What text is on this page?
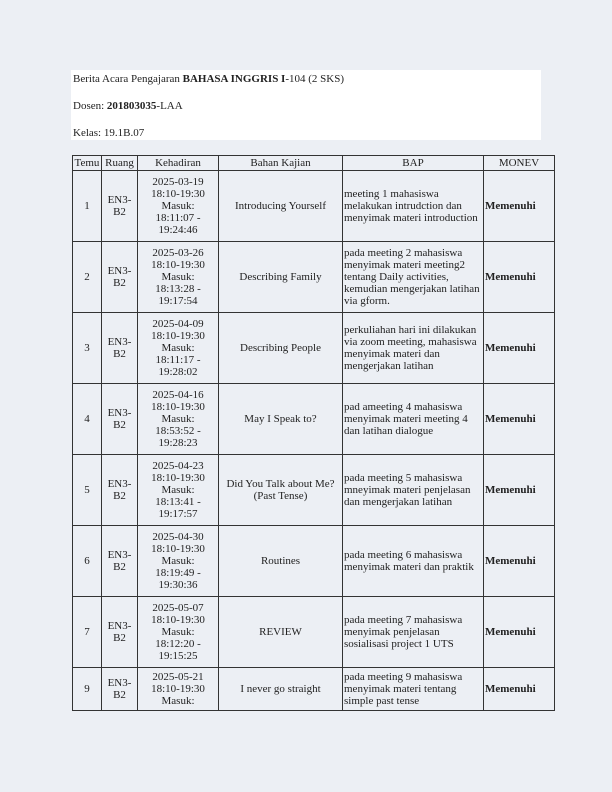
Berita Acara Pengajaran BAHASA INGGRIS I-104 (2 SKS)
Dosen: 201803035-LAA
Kelas: 19.1B.07
Temu	Ruang	Kehadiran	Bahan Kajian	BAP	MONEV
1	EN3-B2	2025-03-19
18:10-19:30
Masuk:
18:11:07 - 19:24:46	Introducing Yourself	meeting 1 mahasiswa melakukan intrudction dan menyimak materi introduction	Memenuhi
2	EN3-B2	2025-03-26
18:10-19:30
Masuk:
18:13:28 - 19:17:54	Describing Family	pada meeting 2 mahasiswa menyimak materi meeting2 tentang Daily activities, kemudian mengerjakan latihan via gform.	Memenuhi
3	EN3-B2	2025-04-09
18:10-19:30
Masuk:
18:11:17 - 19:28:02	Describing People	perkuliahan hari ini dilakukan via zoom meeting, mahasiswa menyimak materi dan mengerjakan latihan	Memenuhi
4	EN3-B2	2025-04-16
18:10-19:30
Masuk:
18:53:52 - 19:28:23	May I Speak to?	pad ameeting 4 mahasiswa menyimak materi meeting 4 dan latihan dialogue	Memenuhi
5	EN3-B2	2025-04-23
18:10-19:30
Masuk:
18:13:41 - 19:17:57	Did You Talk about Me? (Past Tense)	pada meeting 5 mahasiswa mneyimak materi penjelasan dan mengerjakan latihan	Memenuhi
6	EN3-B2	2025-04-30
18:10-19:30
Masuk:
18:19:49 - 19:30:36	Routines	pada meeting 6 mahasiswa menyimak materi dan praktik	Memenuhi
7	EN3-B2	2025-05-07
18:10-19:30
Masuk:
18:12:20 - 19:15:25	REVIEW	pada meeting 7 mahasiswa menyimak penjelasan sosialisasi project 1 UTS	Memenuhi
9	EN3-B2	2025-05-21
18:10-19:30
Masuk:	I never go straight	pada meeting 9 mahasiswa menyimak materi tentang simple past tense	Memenuhi
